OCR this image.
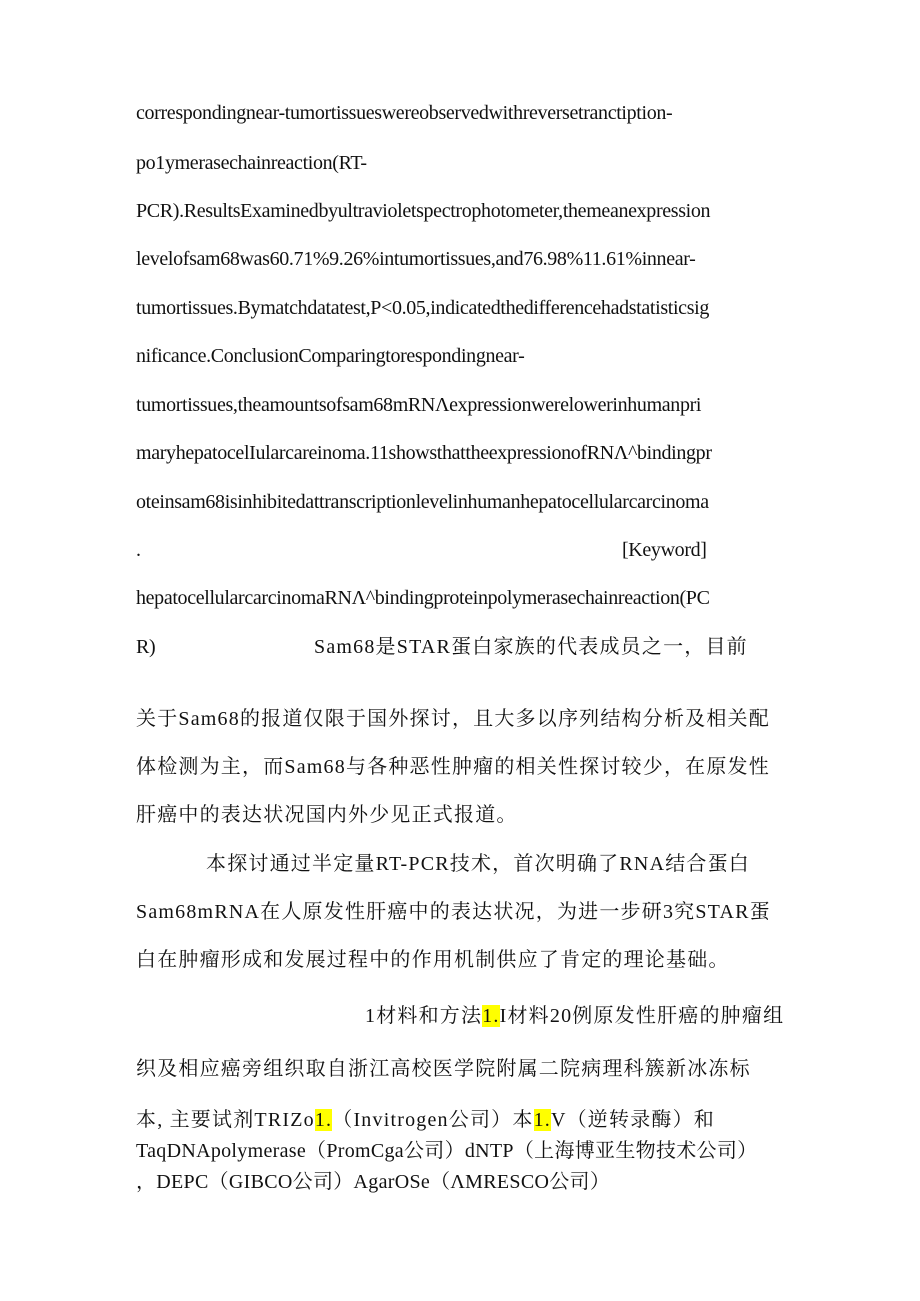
correspondingnear-tumortissueswereobservedwithreversetranctiption-
po1ymerasechainreaction(RT-
PCR).ResultsExaminedbyultravioletspectrophotometer,themeanexpression
levelofsam68was60.71%9.26%intumortissues,and76.98%11.61%innear-
tumortissues.Bymatchdatatest,P<0.05,indicatedthedifferencehadstatisticsig
nificance.ConclusionComparingtorespondingnear-
tumortissues,theamountsofsam68mRNΛexpressionwerelowerinhumanpri
maryhepatocelIularcareinoma.11showsthattheexpressionofRNΛ^bindingpr
oteinsam68isinhibitedattranscriptionlevelinhumanhepatocellularcarcinoma
.	[Keyword]
hepatocellularcarcinomaRNΛ^bindingproteinpolymerasechainreaction(PC
R)	Sam68是STAR蛋白家族的代表成员之一，目前
关于Sam68的报道仅限于国外探讨，且大多以序列结构分析及相关配
体检测为主，而Sam68与各种恶性肿瘤的相关性探讨较少，在原发性
肝癌中的表达状况国内外少见正式报道。
本探讨通过半定量RT-PCR技术，首次明确了RNA结合蛋白
Sam68mRNA在人原发性肝癌中的表达状况，为进一步研3究STAR蛋
白在肿瘤形成和发展过程中的作用机制供应了肯定的理论基础。
1材料和方法1.I材料20例原发性肝癌的肿瘤组
织及相应癌旁组织取自浙江高校医学院附属二院病理科簇新冰冻标
本, 主要试剂TRIZo1.（Invitrogen公司）本1.V（逆转录酶）和
TaqDNApolymerase（PromCga公司）dNTP（上海博亚生物技术公司）
，DEPC（GIBCO公司）AgarOSe（ΛMRESCO公司）
